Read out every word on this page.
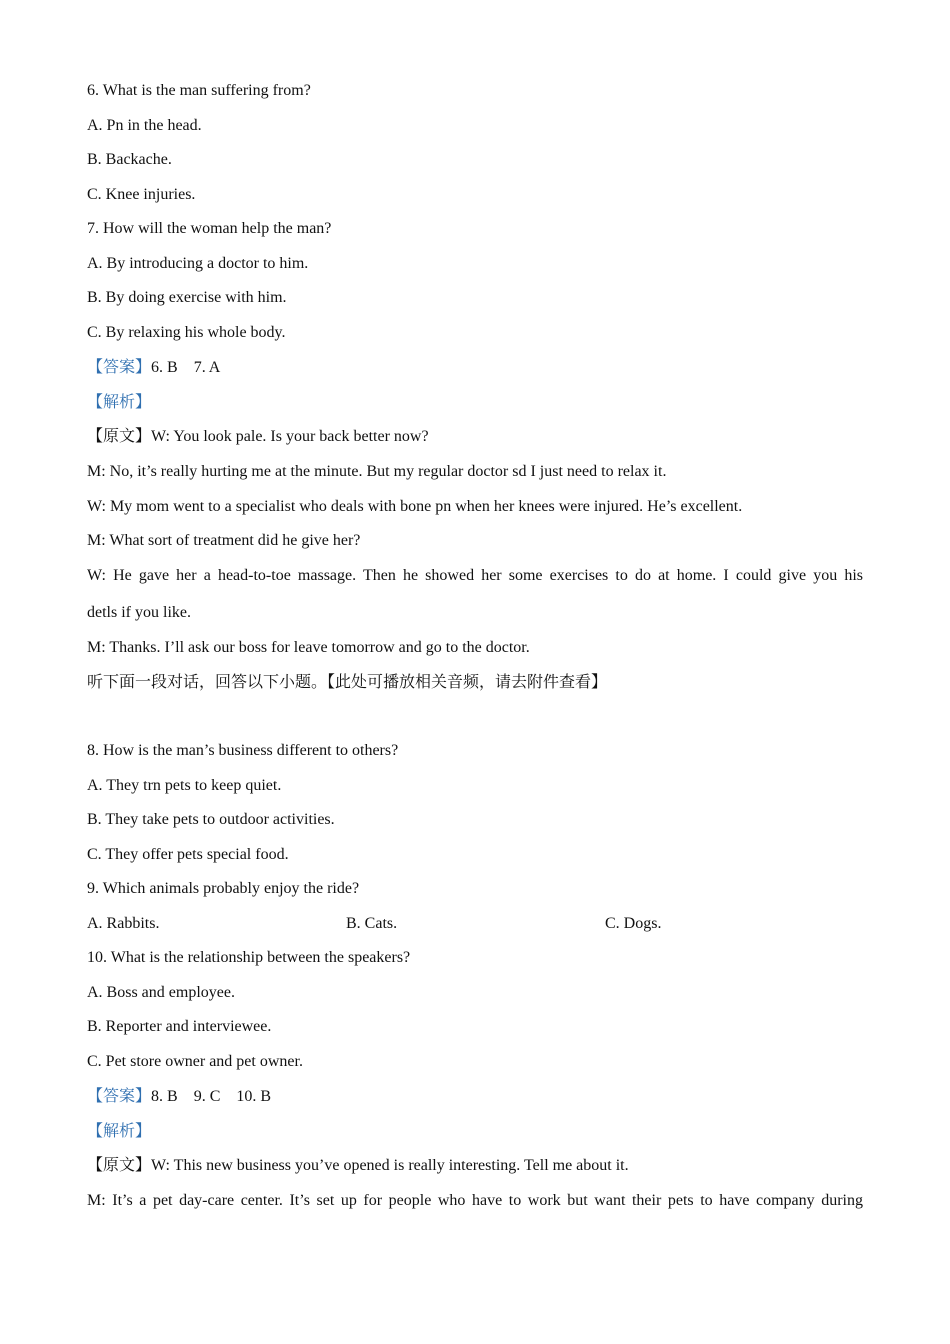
6. What is the man suffering from?
A. Pn in the head.
B. Backache.
C. Knee injuries.
7. How will the woman help the man?
A. By introducing a doctor to him.
B. By doing exercise with him.
C. By relaxing his whole body.
【答案】6. B    7. A
【解析】
【原文】W: You look pale. Is your back better now?
M: No, it’s really hurting me at the minute. But my regular doctor sd I just need to relax it.
W: My mom went to a specialist who deals with bone pn when her knees were injured. He’s excellent.
M: What sort of treatment did he give her?
W: He gave her a head-to-toe massage. Then he showed her some exercises to do at home. I could give you his
detls if you like.
M: Thanks. I’ll ask our boss for leave tomorrow and go to the doctor.
听下面一段对话，回答以下小题。【此处可播放相关音频，请去附件查看】
8. How is the man’s business different to others?
A. They trn pets to keep quiet.
B. They take pets to outdoor activities.
C. They offer pets special food.
9. Which animals probably enjoy the ride?
A. Rabbits.	B. Cats.	C. Dogs.
10. What is the relationship between the speakers?
A. Boss and employee.
B. Reporter and interviewee.
C. Pet store owner and pet owner.
【答案】8. B    9. C    10. B
【解析】
【原文】W: This new business you’ve opened is really interesting. Tell me about it.
M: It’s a pet day-care center. It’s set up for people who have to work but want their pets to have company during
